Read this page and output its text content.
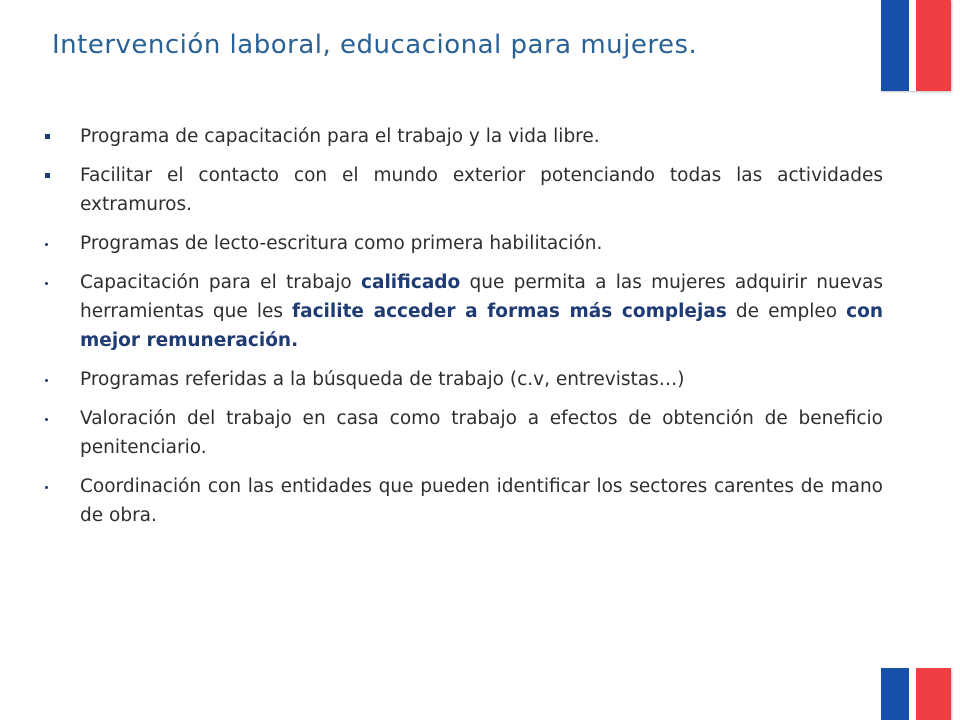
Intervención laboral, educacional para mujeres.
Programa de capacitación para el trabajo y la vida libre.
Facilitar el contacto con el mundo exterior potenciando todas las actividades extramuros.
Programas de lecto-escritura como primera habilitación.
Capacitación para el trabajo calificado que permita a las mujeres adquirir nuevas herramientas que les facilite acceder a formas más complejas de empleo con mejor remuneración.
Programas referidas a la búsqueda de trabajo (c.v, entrevistas…)
Valoración del trabajo en casa como trabajo a efectos de obtención de beneficio penitenciario.
Coordinación con las entidades que pueden identificar los sectores carentes de mano de obra.
